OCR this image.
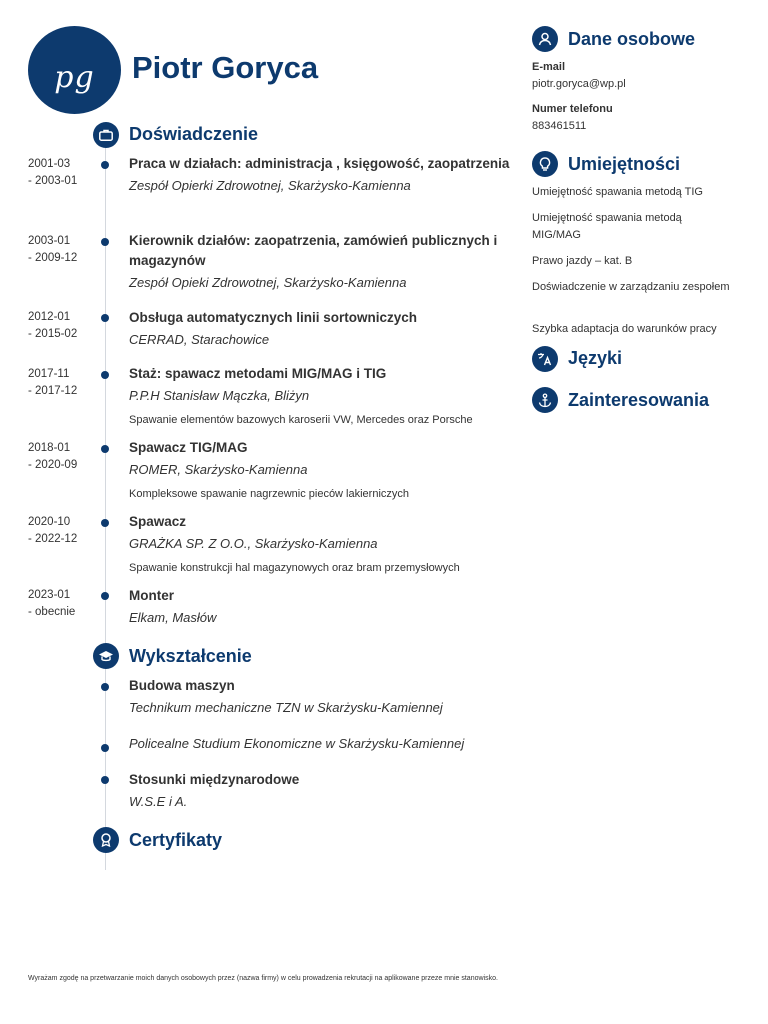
pg Piotr Goryca
Doświadczenie
2001-03
- 2003-01
Praca w działach: administracja , księgowość, zaopatrzenia
Zespół Opierki Zdrowotnej, Skarżysko-Kamienna
2003-01
- 2009-12
Kierownik działów: zaopatrzenia, zamówień publicznych i magazynów
Zespół Opieki Zdrowotnej, Skarżysko-Kamienna
2012-01
- 2015-02
Obsługa automatycznych linii sortowniczych
CERRAD, Starachowice
2017-11
- 2017-12
Staż: spawacz metodami MIG/MAG i TIG
P.P.H Stanisław Mączka, Bliżyn
Spawanie elementów bazowych karoserii VW, Mercedes oraz Porsche
2018-01
- 2020-09
Spawacz TIG/MAG
ROMER, Skarżysko-Kamienna
Kompleksowe spawanie nagrzewnic pieców lakierniczych
2020-10
- 2022-12
Spawacz
GRAŻKA SP. Z O.O., Skarżysko-Kamienna
Spawanie konstrukcji hal magazynowych oraz bram przemysłowych
2023-01
- obecnie
Monter
Elkam, Masłów
Wykształcenie
Budowa maszyn
Technikum mechaniczne TZN w Skarżysku-Kamiennej
Policealne Studium Ekonomiczne w Skarżysku-Kamiennej
Stosunki międzynarodowe
W.S.E i A.
Certyfikaty
Dane osobowe
E-mail
piotr.goryca@wp.pl
Numer telefonu
883461511
Umiejętności
Umiejętność spawania metodą TIG
Umiejętność spawania metodą MIG/MAG
Prawo jazdy – kat. B
Doświadczenie w zarządzaniu zespołem
Szybka adaptacja do warunków pracy
Języki
Zainteresowania
Wyrażam zgodę na przetwarzanie moich danych osobowych przez (nazwa firmy) w celu prowadzenia rekrutacji na aplikowane przeze mnie stanowisko.
